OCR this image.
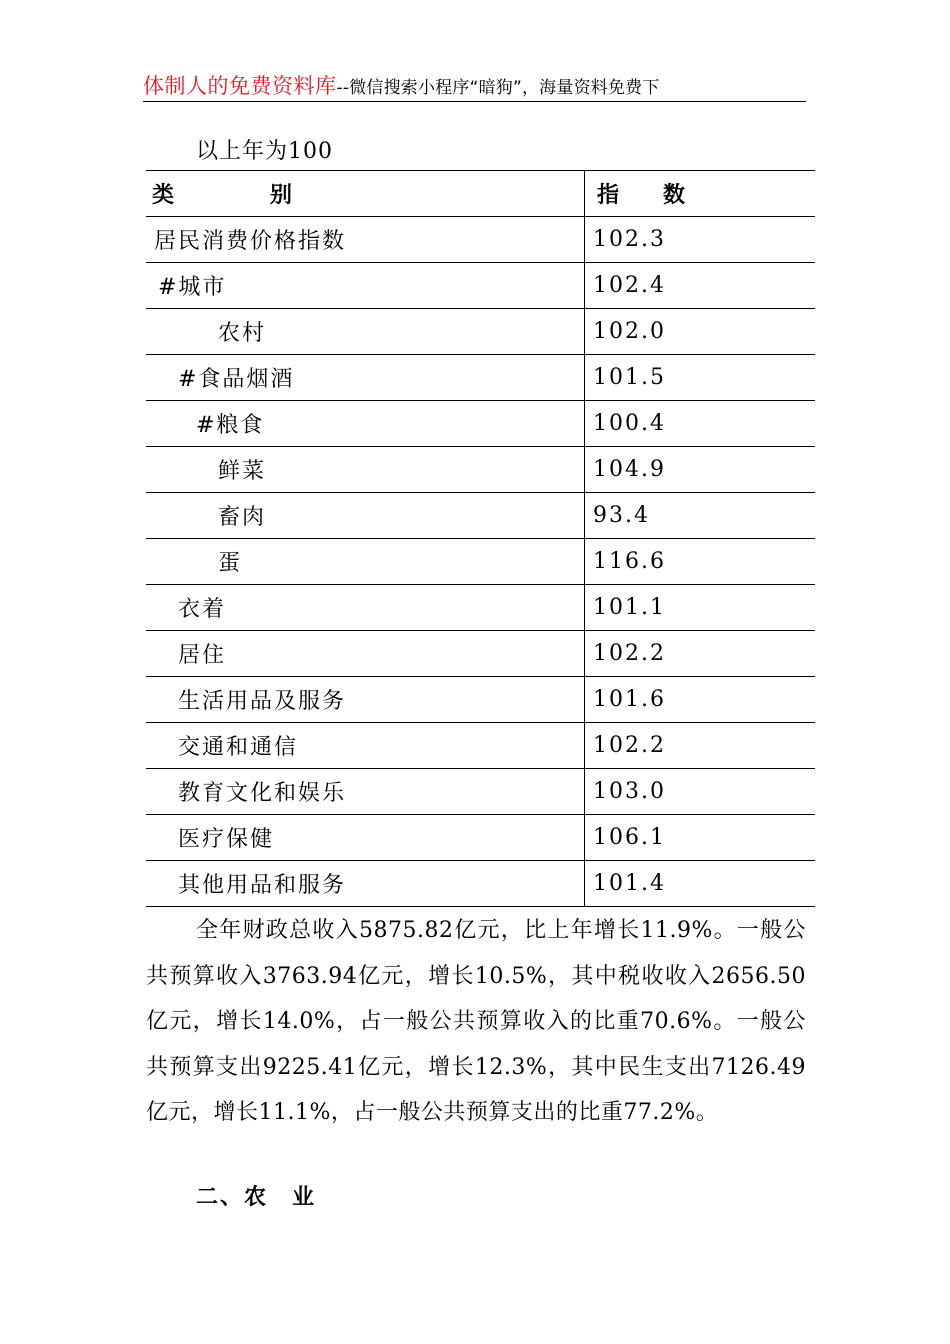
体制人的免费资料库--微信搜索小程序“暗狗”，海量资料免费下
以上年为100
类 别	指 数
居民消费价格指数	102.3
#城市	102.4
农村	102.0
#食品烟酒	101.5
#粮食	100.4
鲜菜	104.9
畜肉	93.4
蛋	116.6
衣着	101.1
居住	102.2
生活用品及服务	101.6
交通和通信	102.2
教育文化和娱乐	103.0
医疗保健	106.1
其他用品和服务	101.4

全年财政总收入5875.82亿元，比上年增长11.9%。一般公共预算收入3763.94亿元，增长10.5%，其中税收收入2656.50亿元，增长14.0%，占一般公共预算收入的比重70.6%。一般公共预算支出9225.41亿元，增长12.3%，其中民生支出7126.49亿元，增长11.1%，占一般公共预算支出的比重77.2%。

二、农　业
